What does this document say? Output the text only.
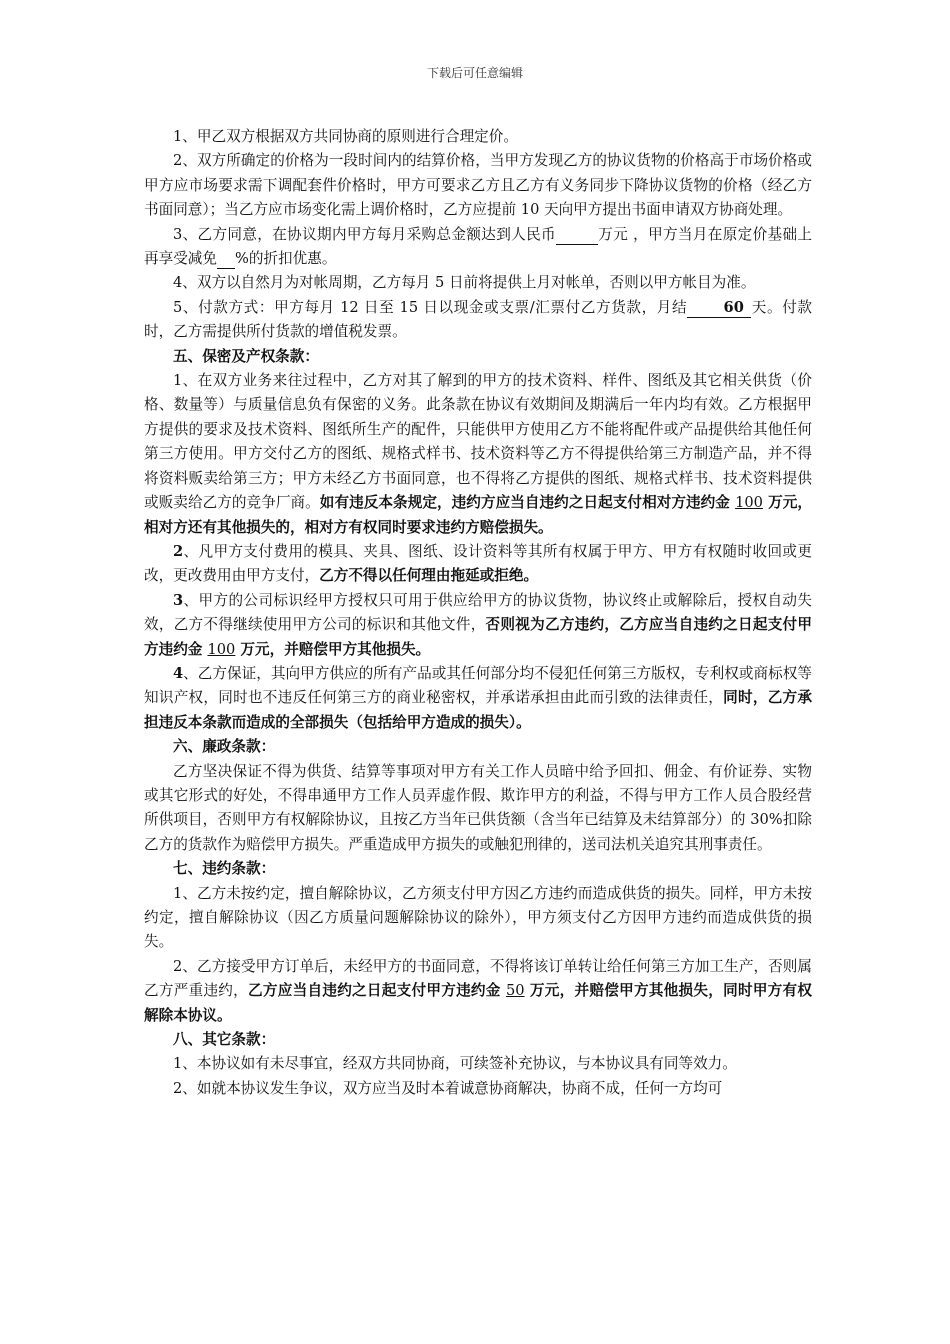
下载后可任意编辑

1、甲乙双方根据双方共同协商的原则进行合理定价。

2、双方所确定的价格为一段时间内的结算价格，当甲方发现乙方的协议货物的价格高于市场价格或甲方应市场要求需下调配套件价格时，甲方可要求乙方且乙方有义务同步下降协议货物的价格（经乙方书面同意）；当乙方应市场变化需上调价格时，乙方应提前 10 天向甲方提出书面申请双方协商处理。

3、乙方同意，在协议期内甲方每月采购总金额达到人民币	万元 ，甲方当月在原定价基础上再享受减免 %的折扣优惠。

4、双方以自然月为对帐周期，乙方每月 5 日前将提供上月对帐单，否则以甲方帐目为准。

5、付款方式：甲方每月 12 日至 15 日以现金或支票/汇票付乙方货款，月结 60 天。付款时，乙方需提供所付货款的增值税发票。

五、保密及产权条款：

1、在双方业务来往过程中，乙方对其了解到的甲方的技术资料、样件、图纸及其它相关供货（价格、数量等）与质量信息负有保密的义务。此条款在协议有效期间及期满后一年内均有效。乙方根据甲方提供的要求及技术资料、图纸所生产的配件，只能供甲方使用乙方不能将配件或产品提供给其他任何第三方使用。甲方交付乙方的图纸、规格式样书、技术资料等乙方不得提供给第三方制造产品，并不得将资料贩卖给第三方；甲方未经乙方书面同意，也不得将乙方提供的图纸、规格式样书、技术资料提供或贩卖给乙方的竞争厂商。如有违反本条规定，违约方应当自违约之日起支付相对方违约金 100 万元，相对方还有其他损失的，相对方有权同时要求违约方赔偿损失。

2、凡甲方支付费用的模具、夹具、图纸、设计资料等其所有权属于甲方、甲方有权随时收回或更改，更改费用由甲方支付，乙方不得以任何理由拖延或拒绝。

3、甲方的公司标识经甲方授权只可用于供应给甲方的协议货物，协议终止或解除后，授权自动失效，乙方不得继续使用甲方公司的标识和其他文件，否则视为乙方违约，乙方应当自违约之日起支付甲方违约金 100 万元，并赔偿甲方其他损失。

4、乙方保证，其向甲方供应的所有产品或其任何部分均不侵犯任何第三方版权，专利权或商标权等知识产权，同时也不违反任何第三方的商业秘密权，并承诺承担由此而引致的法律责任，同时，乙方承担违反本条款而造成的全部损失（包括给甲方造成的损失）。

六、廉政条款：

乙方坚决保证不得为供货、结算等事项对甲方有关工作人员暗中给予回扣、佣金、有价证券、实物或其它形式的好处，不得串通甲方工作人员弄虚作假、欺诈甲方的利益，不得与甲方工作人员合股经营所供项目，否则甲方有权解除协议，且按乙方当年已供货额（含当年已结算及未结算部分）的 30%扣除乙方的货款作为赔偿甲方损失。严重造成甲方损失的或触犯刑律的，送司法机关追究其刑事责任。

七、违约条款：

1、乙方未按约定，擅自解除协议，乙方须支付甲方因乙方违约而造成供货的损失。同样，甲方未按约定，擅自解除协议（因乙方质量问题解除协议的除外），甲方须支付乙方因甲方违约而造成供货的损失。

2、乙方接受甲方订单后，未经甲方的书面同意，不得将该订单转让给任何第三方加工生产，否则属乙方严重违约，乙方应当自违约之日起支付甲方违约金 50 万元，并赔偿甲方其他损失，同时甲方有权解除本协议。

八、其它条款：

1、本协议如有未尽事宜，经双方共同协商，可续签补充协议，与本协议具有同等效力。

2、如就本协议发生争议，双方应当及时本着诚意协商解决，协商不成，任何一方均可
